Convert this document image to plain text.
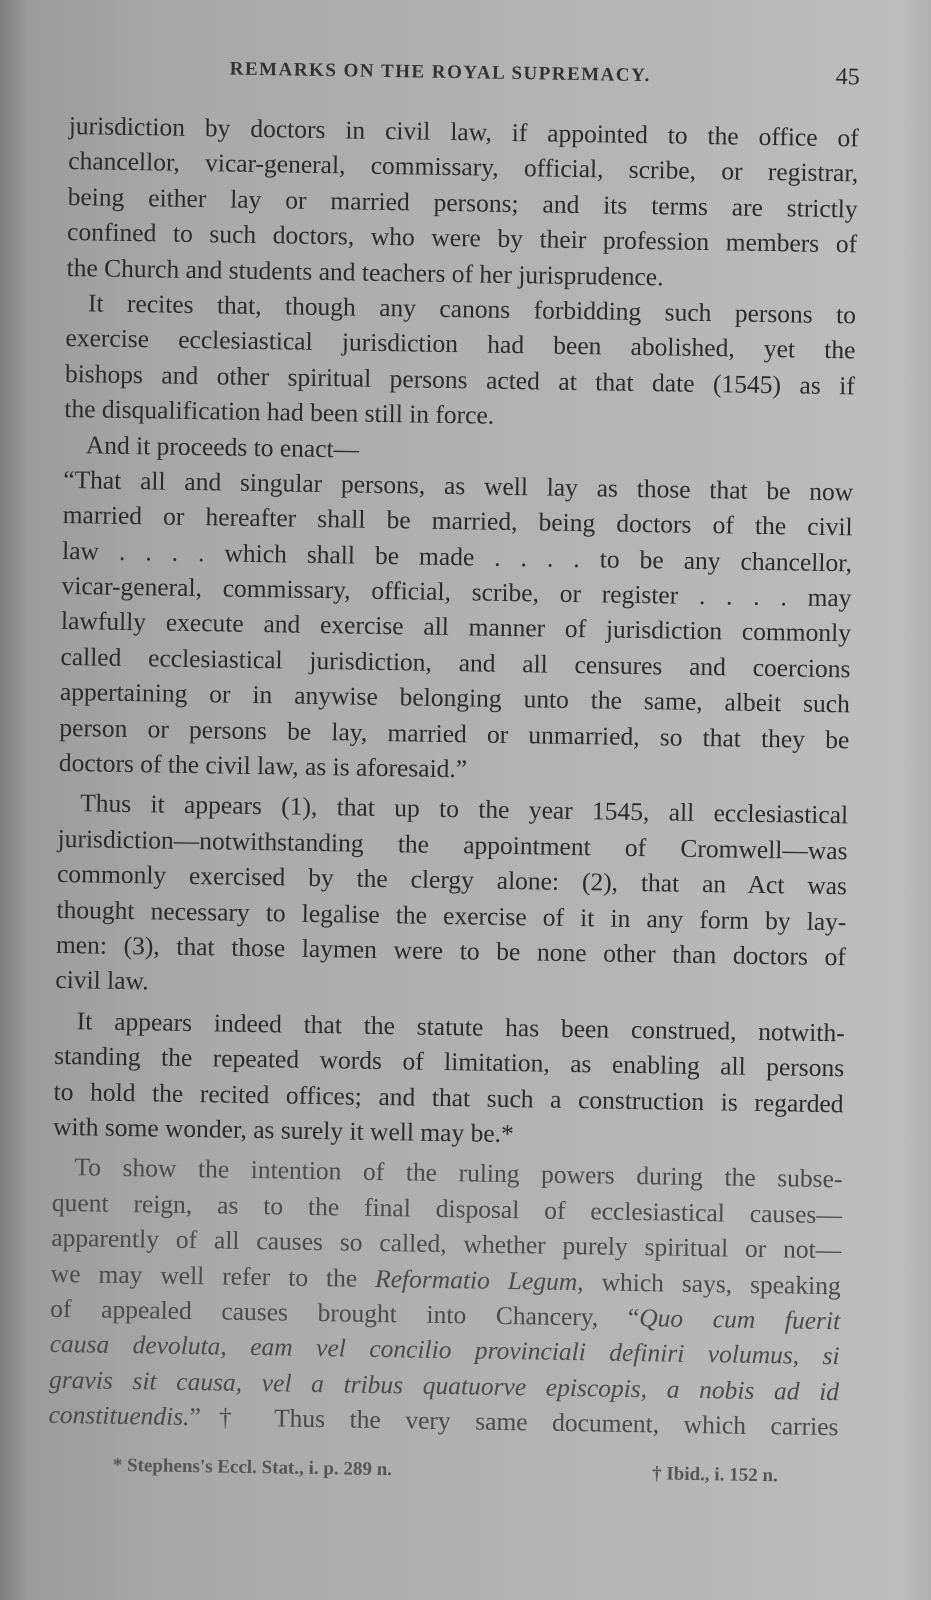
REMARKS ON THE ROYAL SUPREMACY.	45
jurisdiction by doctors in civil law, if appointed to the office of
chancellor, vicar-general, commissary, official, scribe, or registrar,
being either lay or married persons; and its terms are strictly
confined to such doctors, who were by their profession members of
the Church and students and teachers of her jurisprudence.
It recites that, though any canons forbidding such persons to
exercise ecclesiastical jurisdiction had been abolished, yet the
bishops and other spiritual persons acted at that date (1545) as if
the disqualification had been still in force.
And it proceeds to enact—
“That all and singular persons, as well lay as those that be now
married or hereafter shall be married, being doctors of the civil
law . . . . which shall be made . . . . to be any chancellor,
vicar-general, commissary, official, scribe, or register . . . . may
lawfully execute and exercise all manner of jurisdiction commonly
called ecclesiastical jurisdiction, and all censures and coercions
appertaining or in anywise belonging unto the same, albeit such
person or persons be lay, married or unmarried, so that they be
doctors of the civil law, as is aforesaid.”
Thus it appears (1), that up to the year 1545, all ecclesiastical
jurisdiction—notwithstanding the appointment of Cromwell—was
commonly exercised by the clergy alone: (2), that an Act was
thought necessary to legalise the exercise of it in any form by lay-
men: (3), that those laymen were to be none other than doctors of
civil law.
It appears indeed that the statute has been construed, notwith-
standing the repeated words of limitation, as enabling all persons
to hold the recited offices; and that such a construction is regarded
with some wonder, as surely it well may be.*
To show the intention of the ruling powers during the subse-
quent reign, as to the final disposal of ecclesiastical causes—
apparently of all causes so called, whether purely spiritual or not—
we may well refer to the Reformatio Legum, which says, speaking
of appealed causes brought into Chancery, “Quo cum fuerit
causa devoluta, eam vel concilio provinciali definiri volumus, si
gravis sit causa, vel a tribus quatuorve episcopis, a nobis ad id
constituendis.”† Thus the very same document, which carries
* Stephens's Eccl. Stat., i. p. 289 n.	† Ibid., i. 152 n.
